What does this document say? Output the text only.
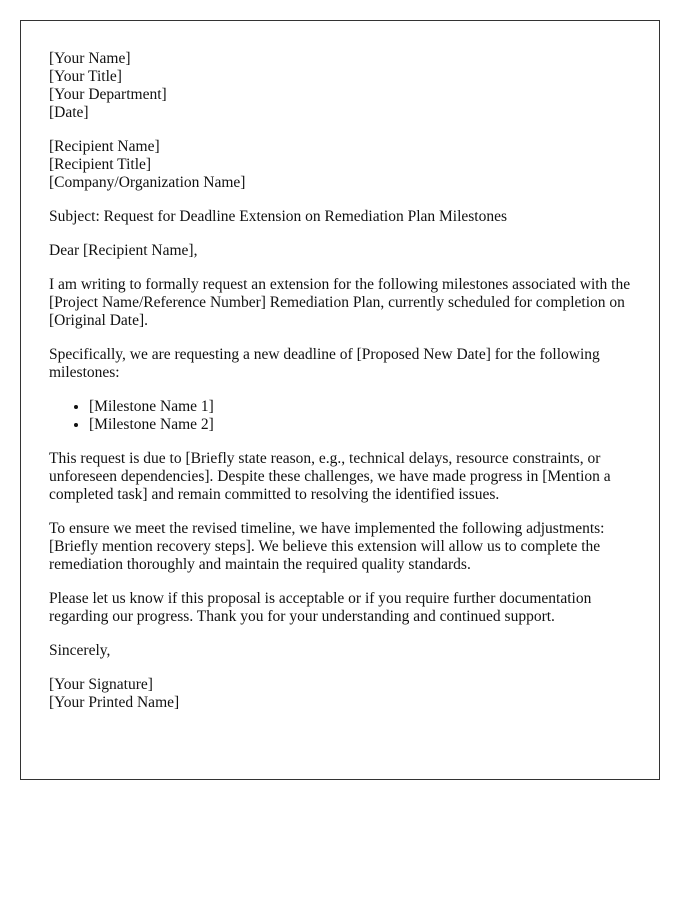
[Your Name]
[Your Title]
[Your Department]
[Date]
[Recipient Name]
[Recipient Title]
[Company/Organization Name]

Subject: Request for Deadline Extension on Remediation Plan Milestones

Dear [Recipient Name],

I am writing to formally request an extension for the following milestones associated with the [Project Name/Reference Number] Remediation Plan, currently scheduled for completion on [Original Date].

Specifically, we are requesting a new deadline of [Proposed New Date] for the following milestones:

• [Milestone Name 1]
• [Milestone Name 2]

This request is due to [Briefly state reason, e.g., technical delays, resource constraints, or unforeseen dependencies]. Despite these challenges, we have made progress in [Mention a completed task] and remain committed to resolving the identified issues.

To ensure we meet the revised timeline, we have implemented the following adjustments: [Briefly mention recovery steps]. We believe this extension will allow us to complete the remediation thoroughly and maintain the required quality standards.

Please let us know if this proposal is acceptable or if you require further documentation regarding our progress. Thank you for your understanding and continued support.

Sincerely,

[Your Signature]
[Your Printed Name]
